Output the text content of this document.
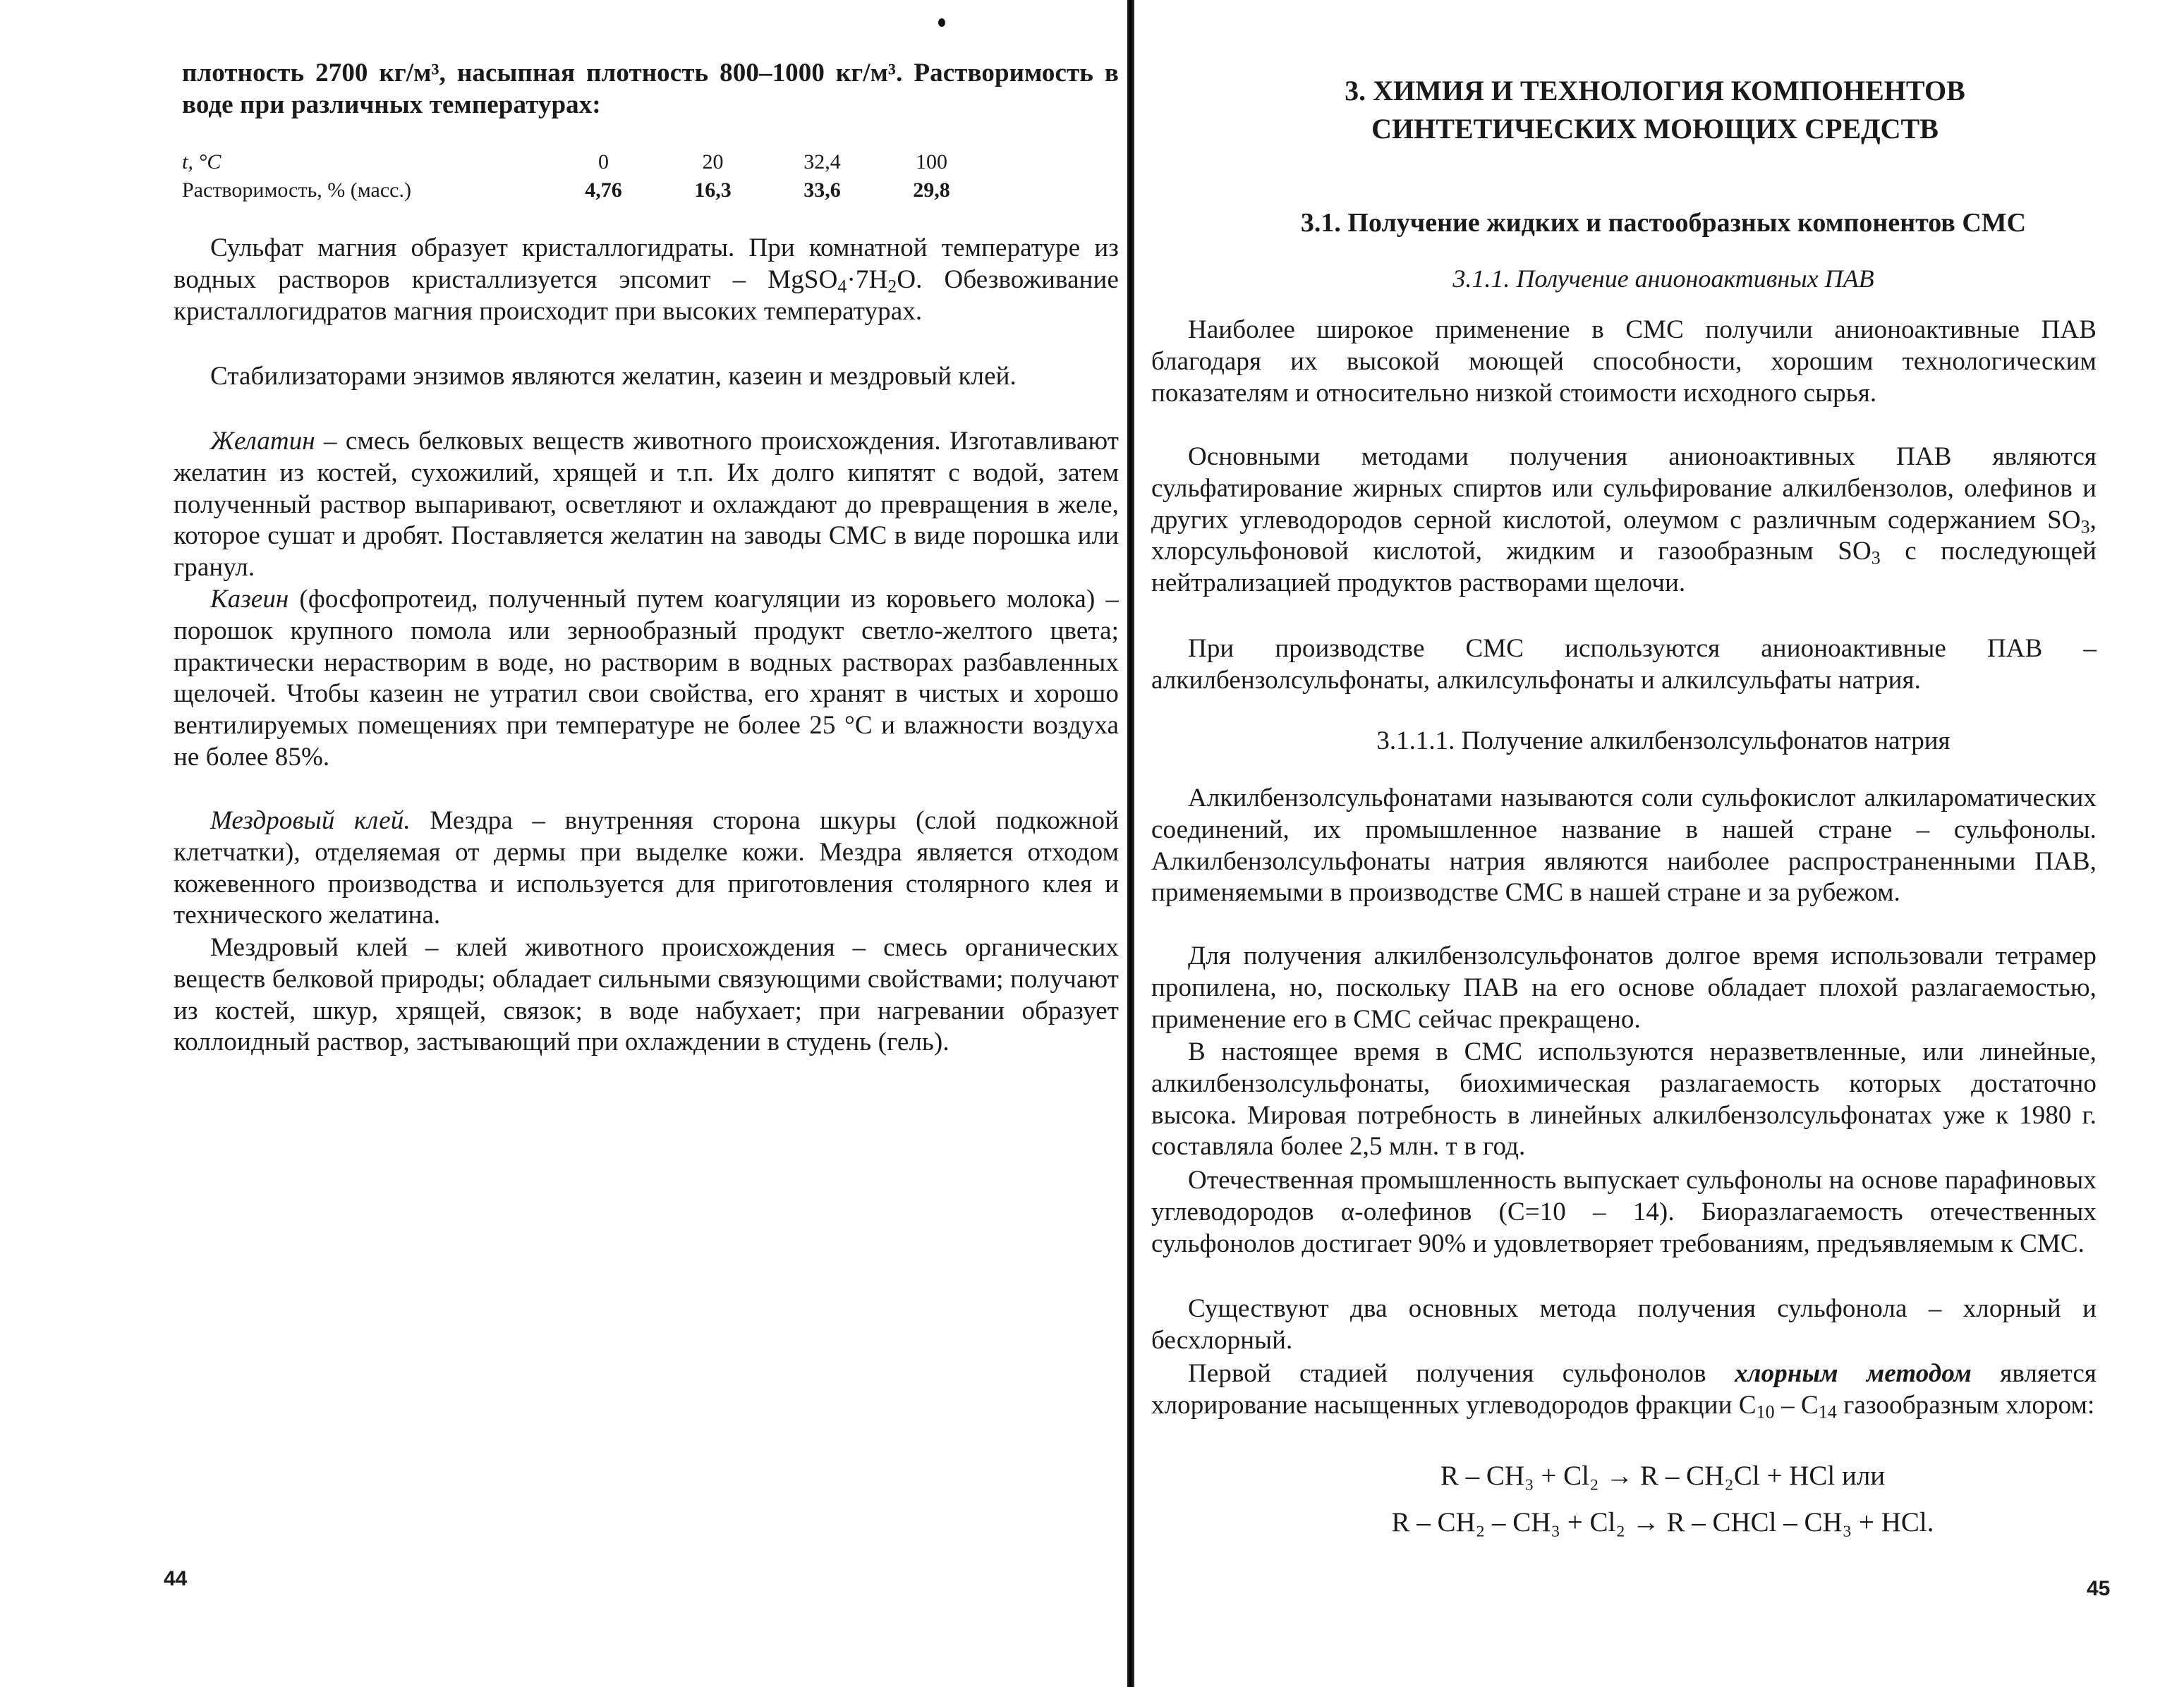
плотность 2700 кг/м³, насыпная плотность 800–1000 кг/м³. Растворимость в воде при различных температурах:

t, °С	0	20	32,4	100
Растворимость, % (масс.)	4,76	16,3	33,6	29,8

Сульфат магния образует кристаллогидраты. При комнатной температуре из водных растворов кристаллизуется эпсомит – $MgSO_4\cdot 7H_2O$. Обезвоживание кристаллогидратов магния происходит при высоких температурах.

Стабилизаторами энзимов являются желатин, казеин и мездровый клей.

Желатин – смесь белковых веществ животного происхождения. Изготавливают желатин из костей, сухожилий, хрящей и т.п. Их долго кипятят с водой, затем полученный раствор выпаривают, осветляют и охлаждают до превращения в желе, которое сушат и дробят. Поставляется желатин на заводы СМС в виде порошка или гранул.

Казеин (фосфопротеид, полученный путем коагуляции из коровьего молока) – порошок крупного помола или зернообразный продукт светло-желтого цвета; практически нерастворим в воде, но растворим в водных растворах разбавленных щелочей. Чтобы казеин не утратил свои свойства, его хранят в чистых и хорошо вентилируемых помещениях при температуре не более 25 °С и влажности воздуха не более 85%.

Мездровый клей. Мездра – внутренняя сторона шкуры (слой подкожной клетчатки), отделяемая от дермы при выделке кожи. Мездра является отходом кожевенного производства и используется для приготовления столярного клея и технического желатина.

Мездровый клей – клей животного происхождения – смесь органических веществ белковой природы; обладает сильными связующими свойствами; получают из костей, шкур, хрящей, связок; в воде набухает; при нагревании образует коллоидный раствор, застывающий при охлаждении в студень (гель).

44
3. ХИМИЯ И ТЕХНОЛОГИЯ КОМПОНЕНТОВ
СИНТЕТИЧЕСКИХ МОЮЩИХ СРЕДСТВ
3.1. Получение жидких и пастообразных компонентов СМС
3.1.1. Получение анионоактивных ПАВ

Наиболее широкое применение в СМС получили анионоактивные ПАВ благодаря их высокой моющей способности, хорошим технологическим показателям и относительно низкой стоимости исходного сырья.

Основными методами получения анионоактивных ПАВ являются сульфатирование жирных спиртов или сульфирование алкилбензолов, олефинов и других углеводородов серной кислотой, олеумом с различным содержанием $SO_3$, хлорсульфоновой кислотой, жидким и газообразным $SO_3$ с последующей нейтрализацией продуктов растворами щелочи.

При производстве СМС используются анионоактивные ПАВ – алкилбензолсульфонаты, алкилсульфонаты и алкилсульфаты натрия.

3.1.1.1. Получение алкилбензолсульфонатов натрия

Алкилбензолсульфонатами называются соли сульфокислот алкилароматических соединений, их промышленное название в нашей стране – сульфонолы. Алкилбензолсульфонаты натрия являются наиболее распространенными ПАВ, применяемыми в производстве СМС в нашей стране и за рубежом.

Для получения алкилбензолсульфонатов долгое время использовали тетрамер пропилена, но, поскольку ПАВ на его основе обладает плохой разлагаемостью, применение его в СМС сейчас прекращено.

В настоящее время в СМС используются неразветвленные, или линейные, алкилбензолсульфонаты, биохимическая разлагаемость которых достаточно высока. Мировая потребность в линейных алкилбензолсульфонатах уже к 1980 г. составляла более 2,5 млн. т в год.

Отечественная промышленность выпускает сульфонолы на основе парафиновых углеводородов α-олефинов (С=10 – 14). Биоразлагаемость отечественных сульфонолов достигает 90% и удовлетворяет требованиям, предъявляемым к СМС.

Существуют два основных метода получения сульфонола – хлорный и бесхлорный.

Первой стадией получения сульфонолов хлорным методом является хлорирование насыщенных углеводородов фракции $С_{10} - С_{14}$ газообразным хлором:

R – CH₃ + Cl₂ → R – CH₂Cl + HCl или

R – CH₂ – CH₃ + Cl₂ → R – CHCl – CH₃ + HCl.

45
